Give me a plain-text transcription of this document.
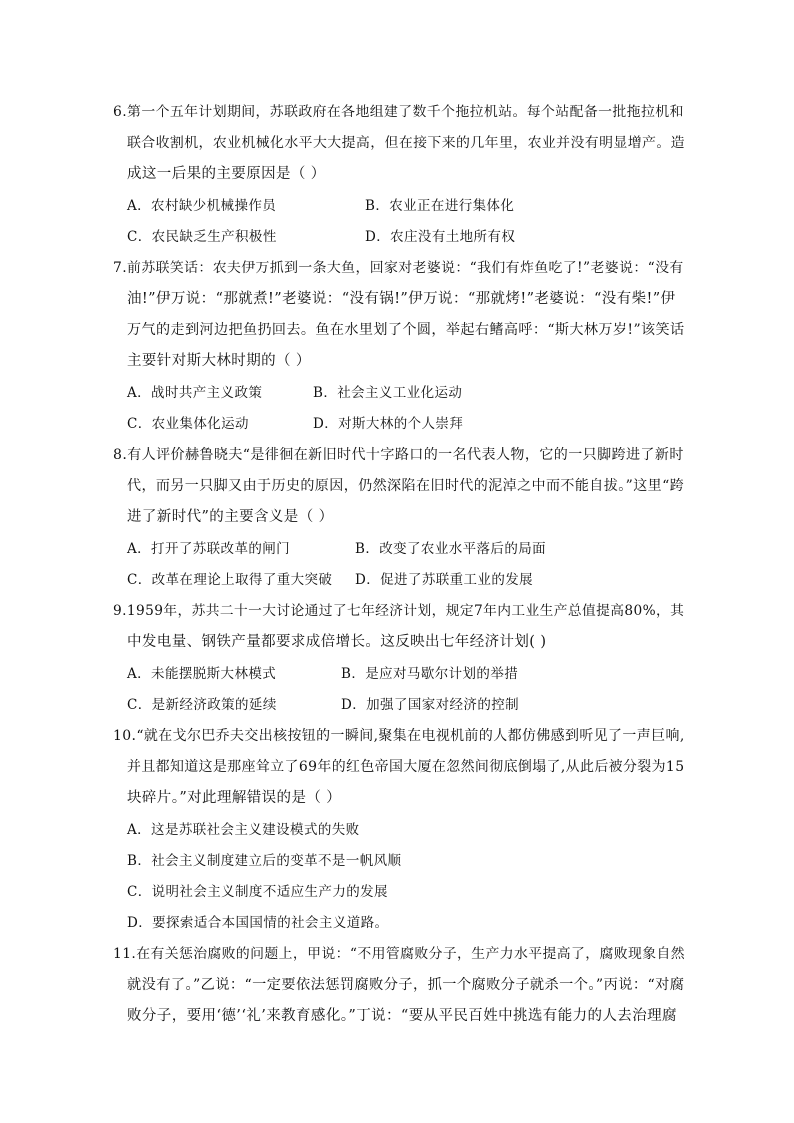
6.第一个五年计划期间，苏联政府在各地组建了数千个拖拉机站。每个站配备一批拖拉机和
联合收割机，农业机械化水平大大提高，但在接下来的几年里，农业并没有明显增产。造
成这一后果的主要原因是（ ）
A．农村缺少机械操作员	B．农业正在进行集体化
C．农民缺乏生产积极性	D．农庄没有土地所有权
7.前苏联笑话：农夫伊万抓到一条大鱼，回家对老婆说：“我们有炸鱼吃了!”老婆说：“没有
油!”伊万说：“那就煮!”老婆说：“没有锅!”伊万说：“那就烤!”老婆说：“没有柴!”伊
万气的走到河边把鱼扔回去。鱼在水里划了个圆，举起右鳍高呼：“斯大林万岁!”该笑话
主要针对斯大林时期的（ ）
A．战时共产主义政策	B．社会主义工业化运动
C．农业集体化运动	D．对斯大林的个人崇拜
8.有人评价赫鲁晓夫“是徘徊在新旧时代十字路口的一名代表人物，它的一只脚跨进了新时
代，而另一只脚又由于历史的原因，仍然深陷在旧时代的泥淖之中而不能自拔。”这里“跨
进了新时代”的主要含义是（ ）
A．打开了苏联改革的闸门	B．改变了农业水平落后的局面
C．改革在理论上取得了重大突破 D．促进了苏联重工业的发展
9.1959年，苏共二十一大讨论通过了七年经济计划，规定7年内工业生产总值提高80%，其
中发电量、钢铁产量都要求成倍增长。这反映出七年经济计划( )
A．未能摆脱斯大林模式	B．是应对马歇尔计划的举措
C．是新经济政策的延续	D．加强了国家对经济的控制
10.“就在戈尔巴乔夫交出核按钮的一瞬间,聚集在电视机前的人都仿佛感到听见了一声巨响,
并且都知道这是那座耸立了69年的红色帝国大厦在忽然间彻底倒塌了,从此后被分裂为15
块碎片。”对此理解错误的是（ ）
A．这是苏联社会主义建设模式的失败
B．社会主义制度建立后的变革不是一帆风顺
C．说明社会主义制度不适应生产力的发展
D．要探索适合本国国情的社会主义道路。
11.在有关惩治腐败的问题上，甲说：“不用管腐败分子，生产力水平提高了，腐败现象自然
就没有了。”乙说：“一定要依法惩罚腐败分子，抓一个腐败分子就杀一个。”丙说：“对腐
败分子，要用‘德’‘礼’来教育感化。”丁说：“要从平民百姓中挑选有能力的人去治理腐
